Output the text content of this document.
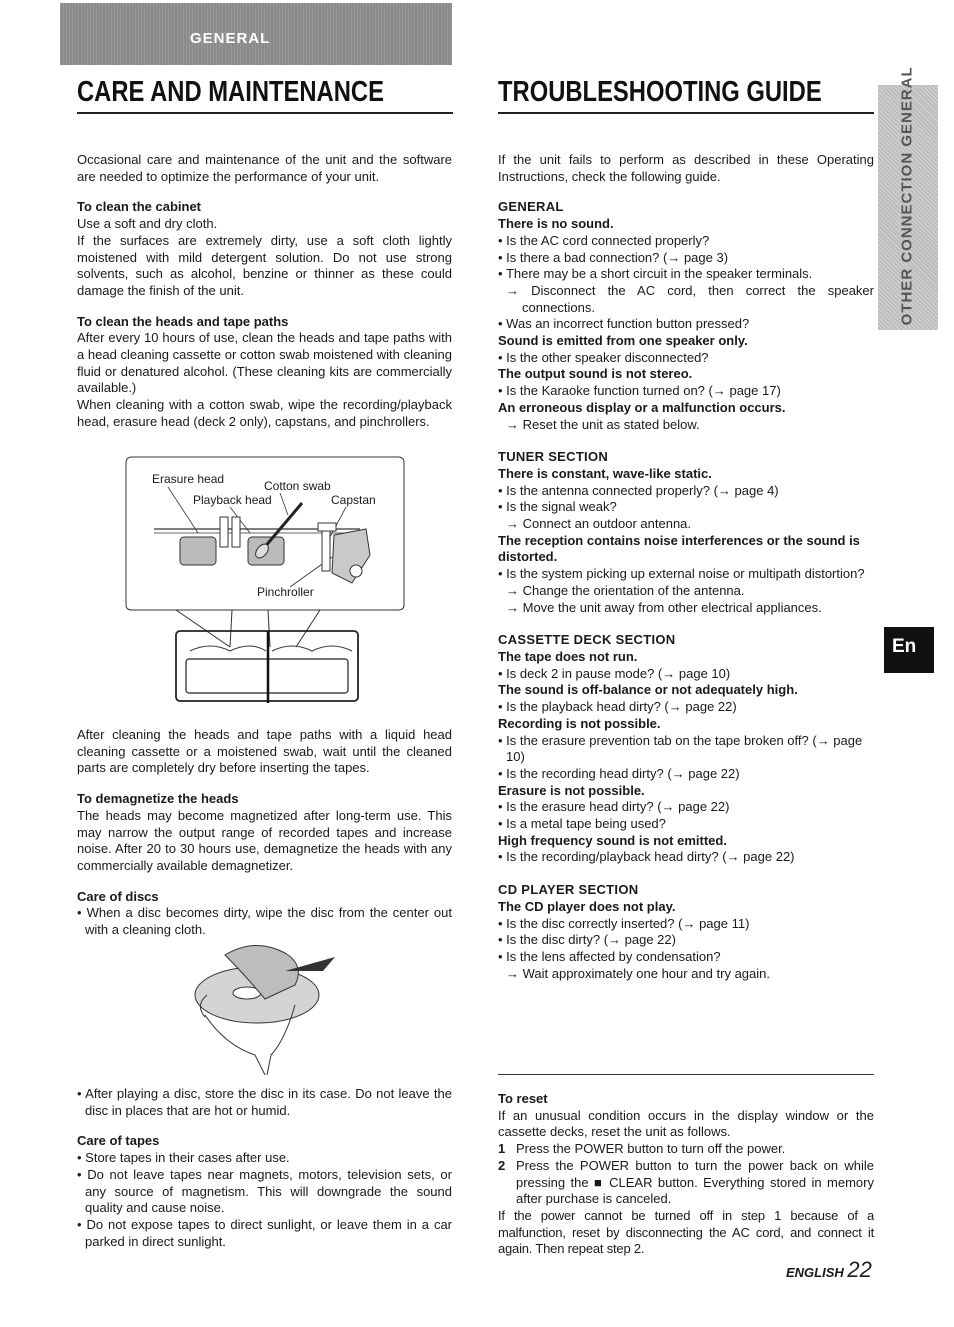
GENERAL
CARE AND MAINTENANCE	TROUBLESHOOTING GUIDE	OTHER CONNECTION GENERAL
En

Occasional care and maintenance of the unit and the software are needed to optimize the performance of your unit.

To clean the cabinet

Use a soft and dry cloth.

If the surfaces are extremely dirty, use a soft cloth lightly moistened with mild detergent solution. Do not use strong solvents, such as alcohol, benzine or thinner as these could damage the finish of the unit.

To clean the heads and tape paths

After every 10 hours of use, clean the heads and tape paths with a head cleaning cassette or cotton swab moistened with cleaning fluid or denatured alcohol. (These cleaning kits are commercially available.)

When cleaning with a cotton swab, wipe the recording/playback head, erasure head (deck 2 only), capstans, and pinchrollers.

Erasure head	Cotton swab
Playback head	Capstan
Pinchroller

After cleaning the heads and tape paths with a liquid head cleaning cassette or a moistened swab, wait until the cleaned parts are completely dry before inserting the tapes.

To demagnetize the heads

The heads may become magnetized after long-term use. This may narrow the output range of recorded tapes and increase noise. After 20 to 30 hours use, demagnetize the heads with any commercially available demagnetizer.

Care of discs

• When a disc becomes dirty, wipe the disc from the center out with a cleaning cloth.

• After playing a disc, store the disc in its case. Do not leave the disc in places that are hot or humid.

Care of tapes

• Store tapes in their cases after use.

• Do not leave tapes near magnets, motors, television sets, or any source of magnetism. This will downgrade the sound quality and cause noise.

• Do not expose tapes to direct sunlight, or leave them in a car parked in direct sunlight.

If the unit fails to perform as described in these Operating Instructions, check the following guide.

GENERAL

There is no sound.

• Is the AC cord connected properly?

• Is there a bad connection? (→ page 3)

• There may be a short circuit in the speaker terminals.

→ Disconnect the AC cord, then correct the speaker connections.

• Was an incorrect function button pressed?

Sound is emitted from one speaker only.

• Is the other speaker disconnected?

The output sound is not stereo.

• Is the Karaoke function turned on? (→ page 17)

An erroneous display or a malfunction occurs.

→ Reset the unit as stated below.

TUNER SECTION

There is constant, wave-like static.

• Is the antenna connected properly? (→ page 4)

• Is the signal weak?

→ Connect an outdoor antenna.

The reception contains noise interferences or the sound is distorted.

• Is the system picking up external noise or multipath distortion?

→ Change the orientation of the antenna.

→ Move the unit away from other electrical appliances.

CASSETTE DECK SECTION

The tape does not run.

• Is deck 2 in pause mode? (→ page 10)

The sound is off-balance or not adequately high.

• Is the playback head dirty? (→ page 22)

Recording is not possible.

• Is the erasure prevention tab on the tape broken off? (→ page 10)

• Is the recording head dirty? (→ page 22)

Erasure is not possible.

• Is the erasure head dirty? (→ page 22)

• Is a metal tape being used?

High frequency sound is not emitted.

• Is the recording/playback head dirty? (→ page 22)

CD PLAYER SECTION

The CD player does not play.

• Is the disc correctly inserted? (→ page 11)

• Is the disc dirty? (→ page 22)

• Is the lens affected by condensation?

→ Wait approximately one hour and try again.

To reset

If an unusual condition occurs in the display window or the cassette decks, reset the unit as follows.

1 Press the POWER button to turn off the power.

2 Press the POWER button to turn the power back on while pressing the ■ CLEAR button. Everything stored in memory after purchase is canceled.

If the power cannot be turned off in step 1 because of a malfunction, reset by disconnecting the AC cord, and connect it again. Then repeat step 2.

ENGLISH 22
